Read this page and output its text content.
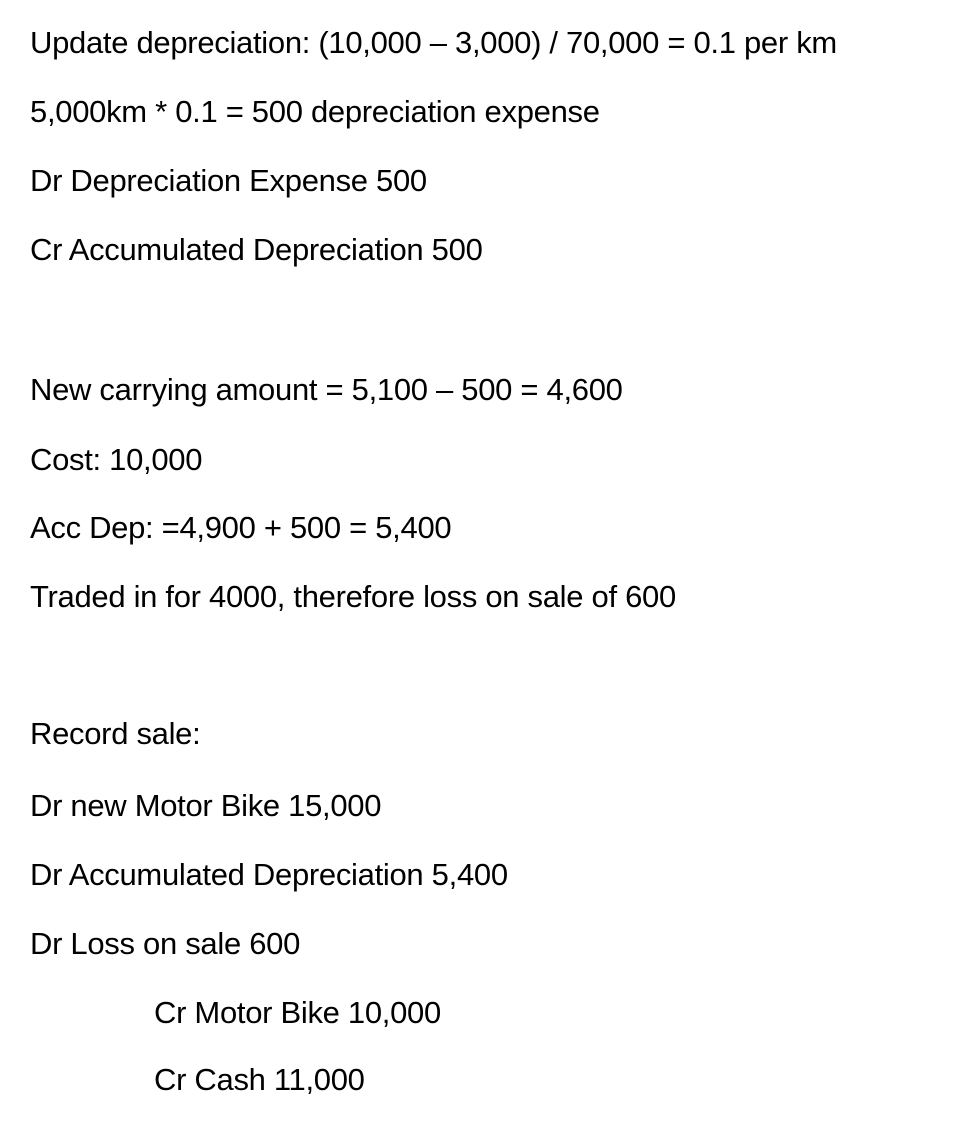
Update depreciation: (10,000 – 3,000) / 70,000 = 0.1 per km
5,000km * 0.1 = 500 depreciation expense
Dr Depreciation Expense 500
Cr Accumulated Depreciation 500
New carrying amount = 5,100 – 500 = 4,600
Cost: 10,000
Acc Dep: =4,900 + 500 = 5,400
Traded in for 4000, therefore loss on sale of 600
Record sale:
Dr new Motor Bike 15,000
Dr Accumulated Depreciation 5,400
Dr Loss on sale 600
Cr Motor Bike 10,000
Cr Cash 11,000
